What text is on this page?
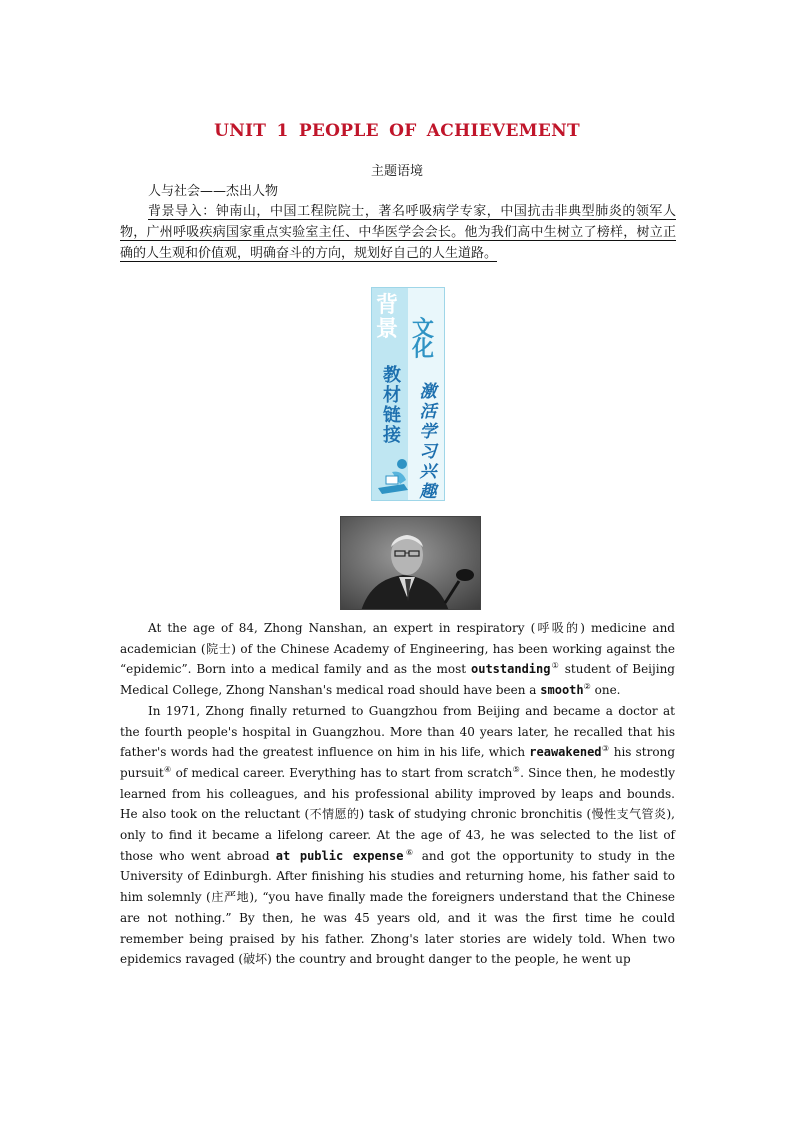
UNIT 1 PEOPLE OF ACHIEVEMENT
主题语境
人与社会——杰出人物
背景导入：钟南山，中国工程院院士，著名呼吸病学专家，中国抗击非典型肺炎的领军人物，广州呼吸疾病国家重点实验室主任、中华医学会会长。他为我们高中生树立了榜样，树立正确的人生观和价值观，明确奋斗的方向，规划好自己的人生道路。
背
景 文
化
教材链接
激活学习兴趣

At the age of 84, Zhong Nanshan, an expert in respiratory (呼吸的) medicine and academician (院士) of the Chinese Academy of Engineering, has been working against the “epidemic”. Born into a medical family and as the most outstanding① student of Beijing Medical College, Zhong Nanshan's medical road should have been a smooth② one.

In 1971, Zhong finally returned to Guangzhou from Beijing and became a doctor at the fourth people's hospital in Guangzhou. More than 40 years later, he recalled that his father's words had the greatest influence on him in his life, which reawakened③ his strong pursuit④ of medical career. Everything has to start from scratch⑤. Since then, he modestly learned from his colleagues, and his professional ability improved by leaps and bounds. He also took on the reluctant (不情愿的) task of studying chronic bronchitis (慢性支气管炎), only to find it became a lifelong career. At the age of 43, he was selected to the list of those who went abroad at public expense⑥ and got the opportunity to study in the University of Edinburgh. After finishing his studies and returning home, his father said to him solemnly (庄严地), “you have finally made the foreigners understand that the Chinese are not nothing.” By then, he was 45 years old, and it was the first time he could remember being praised by his father. Zhong's later stories are widely told. When two epidemics ravaged (破坏) the country and brought danger to the people, he went up
